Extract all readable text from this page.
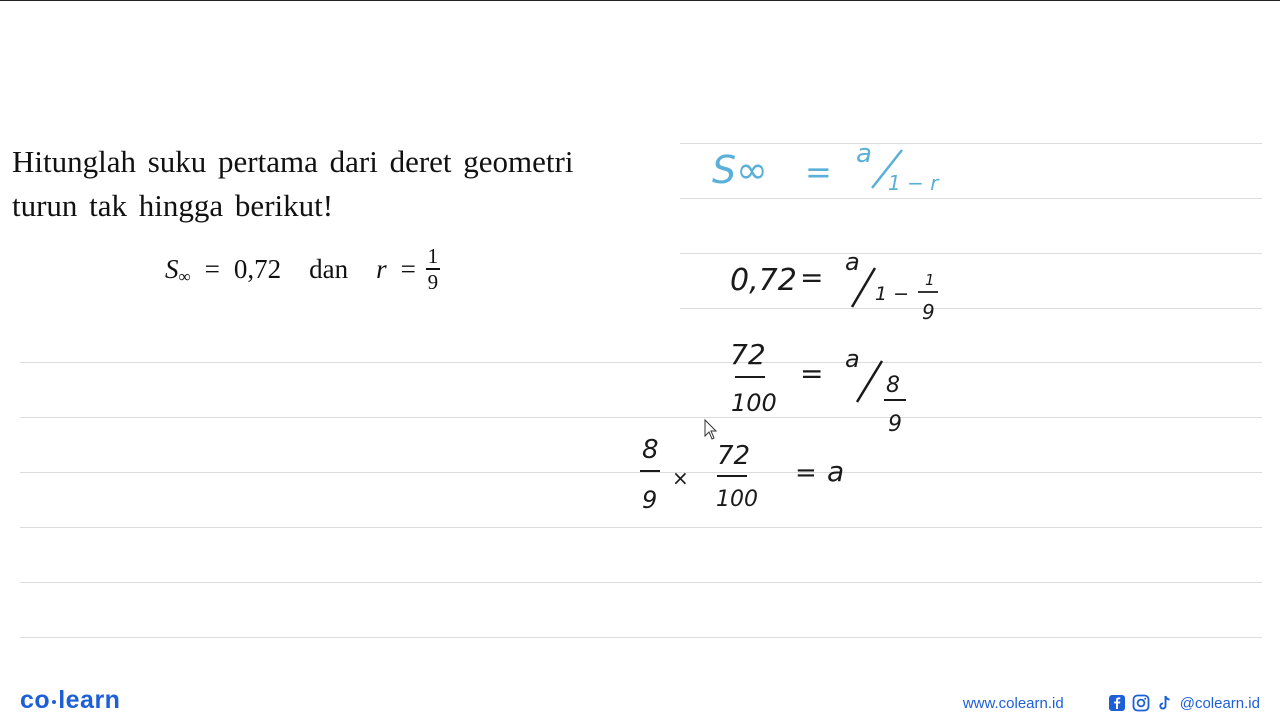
Hitunglah suku pertama dari deret geometri
turun tak hingga berikut!
S ∞ = 0,72 dan $r = \frac{1}{9}$
S∞ = a
1 − r
0,72 = a
1 −
1
9
72
100
= a
8
9
8
9
×
72
100
= a
co learn	www.colearn.id	@colearn.id
